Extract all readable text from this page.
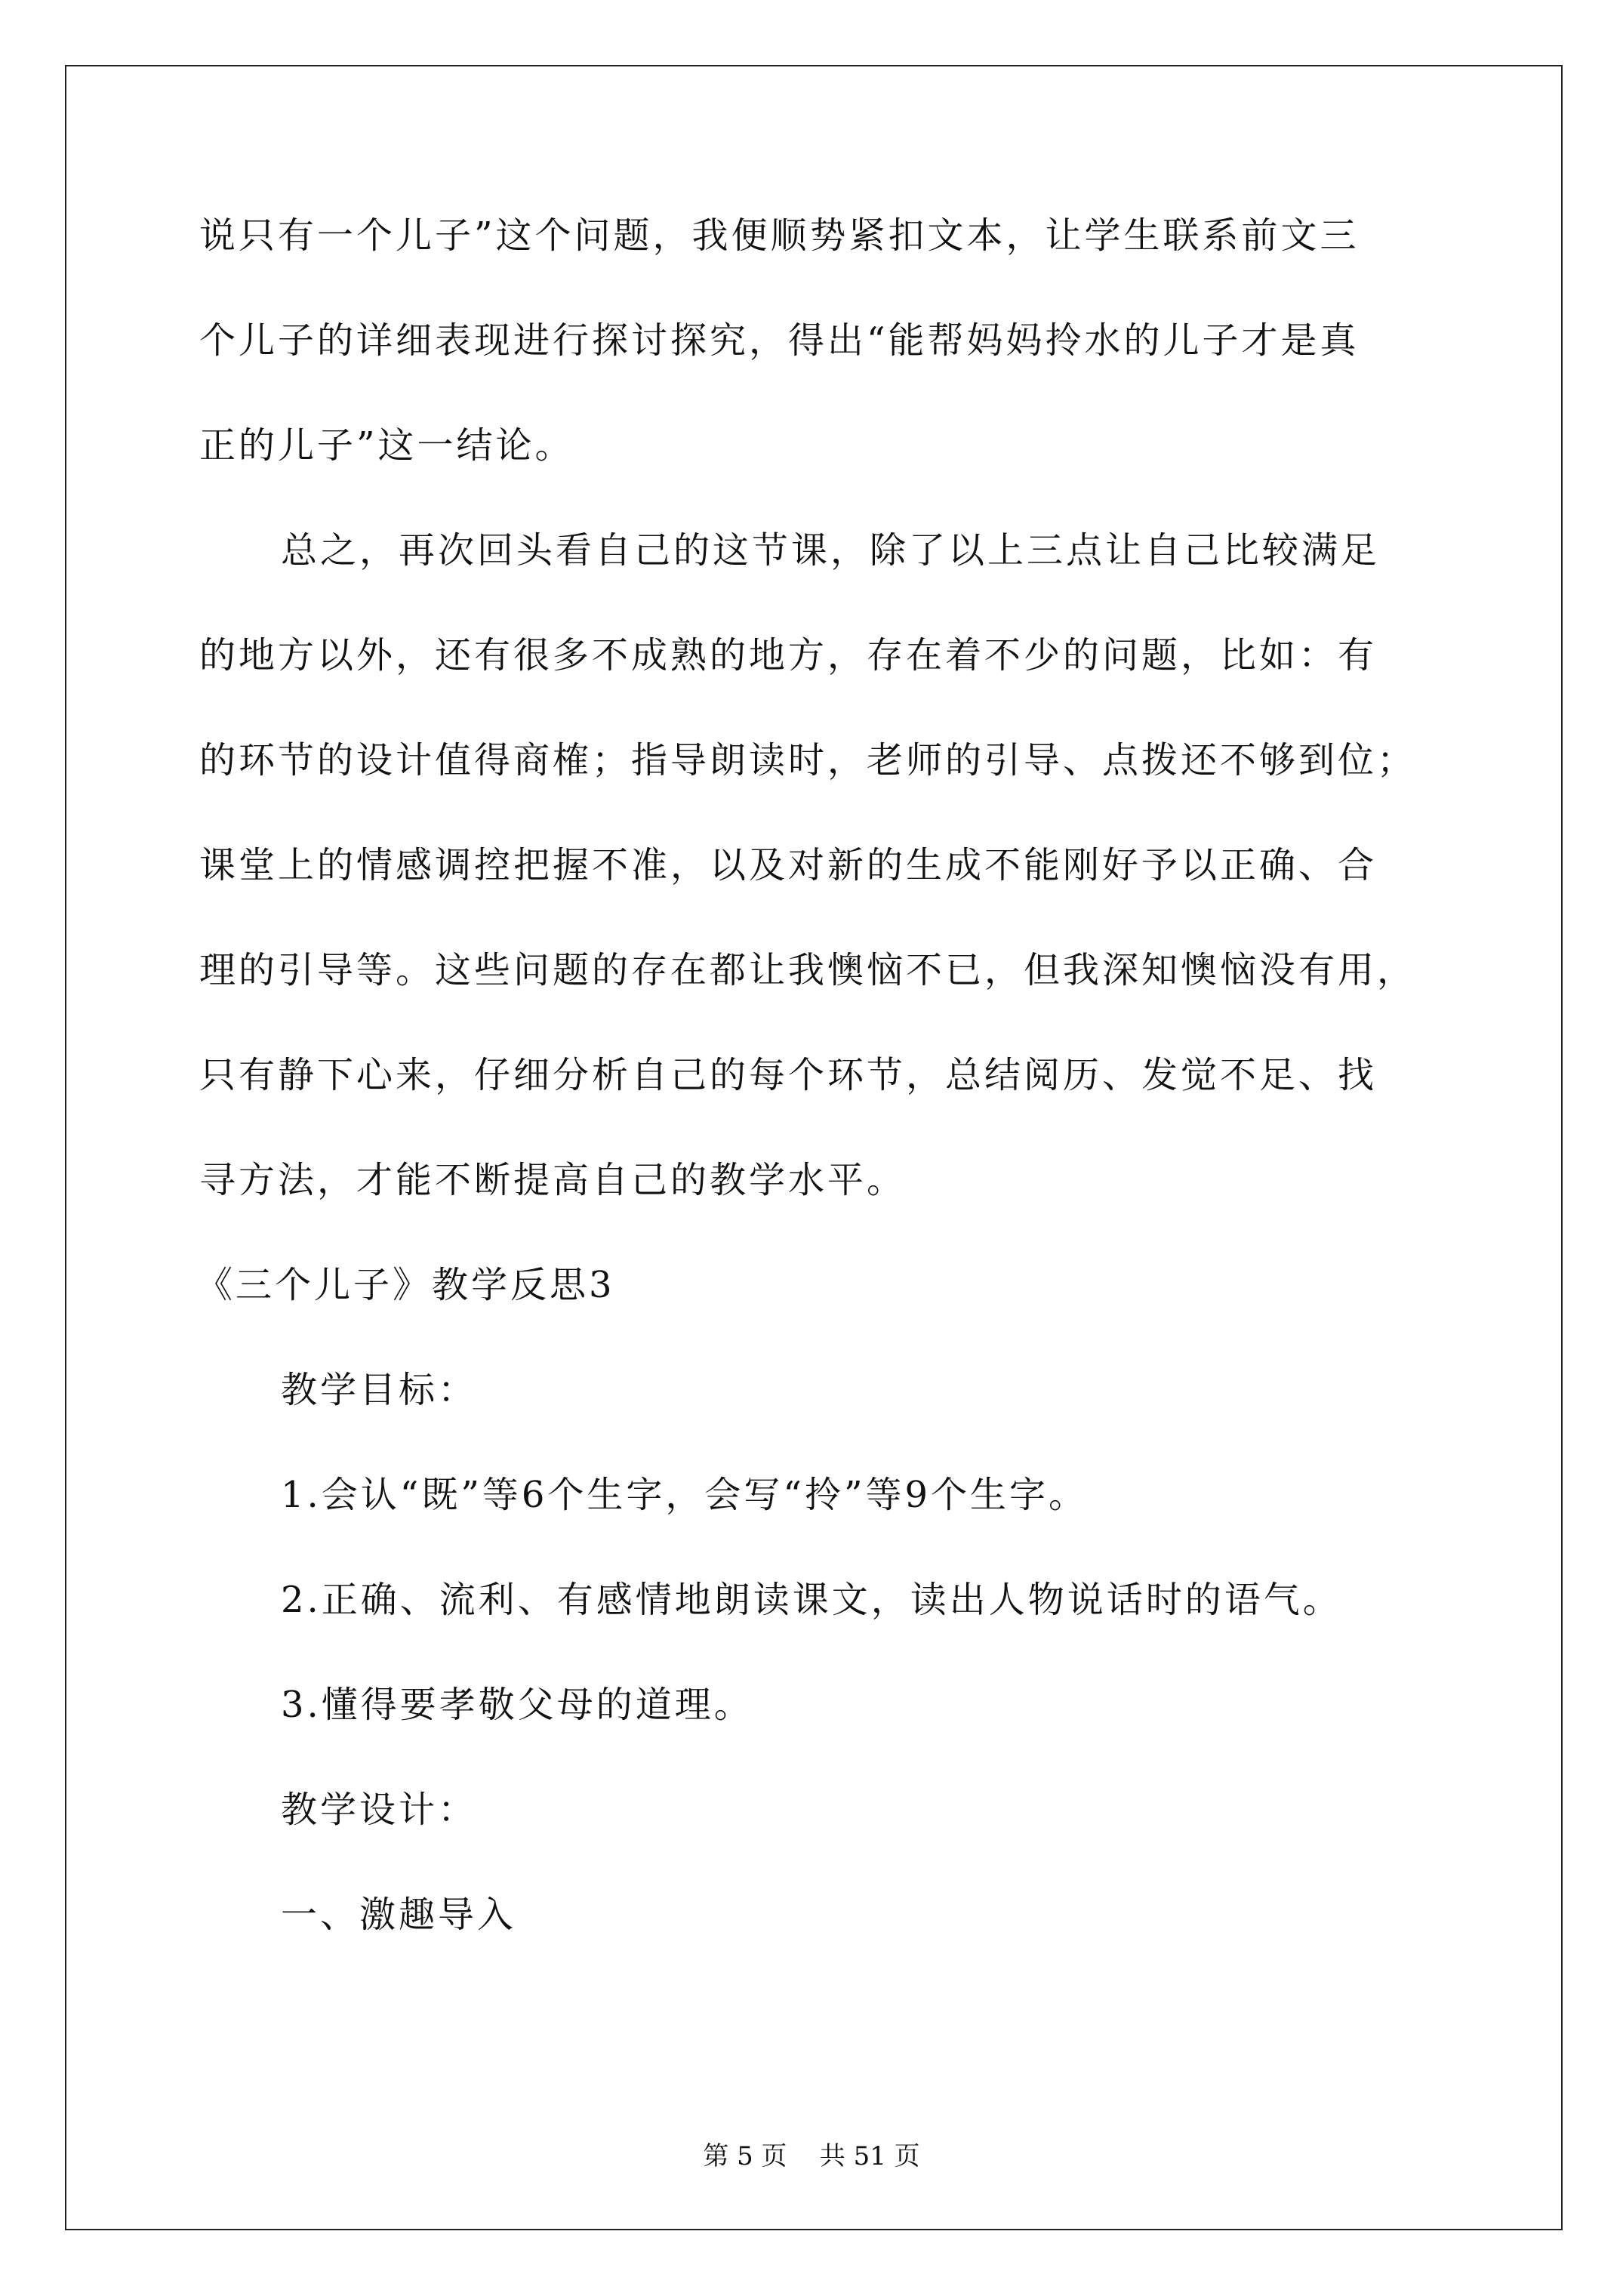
说只有一个儿子”这个问题，我便顺势紧扣文本，让学生联系前文三
个儿子的详细表现进行探讨探究，得出“能帮妈妈拎水的儿子才是真
正的儿子”这一结论。
总之，再次回头看自己的这节课，除了以上三点让自己比较满足
的地方以外，还有很多不成熟的地方，存在着不少的问题，比如：有
的环节的设计值得商榷；指导朗读时，老师的引导、点拨还不够到位；
课堂上的情感调控把握不准，以及对新的生成不能刚好予以正确、合
理的引导等。这些问题的存在都让我懊恼不已，但我深知懊恼没有用，
只有静下心来，仔细分析自己的每个环节，总结阅历、发觉不足、找
寻方法，才能不断提高自己的教学水平。
《三个儿子》教学反思3
教学目标：
1.会认“既”等6个生字，会写“拎”等9个生字。
2.正确、流利、有感情地朗读课文，读出人物说话时的语气。
3.懂得要孝敬父母的道理。
教学设计：
一、激趣导入
第 5 页    共 51 页
